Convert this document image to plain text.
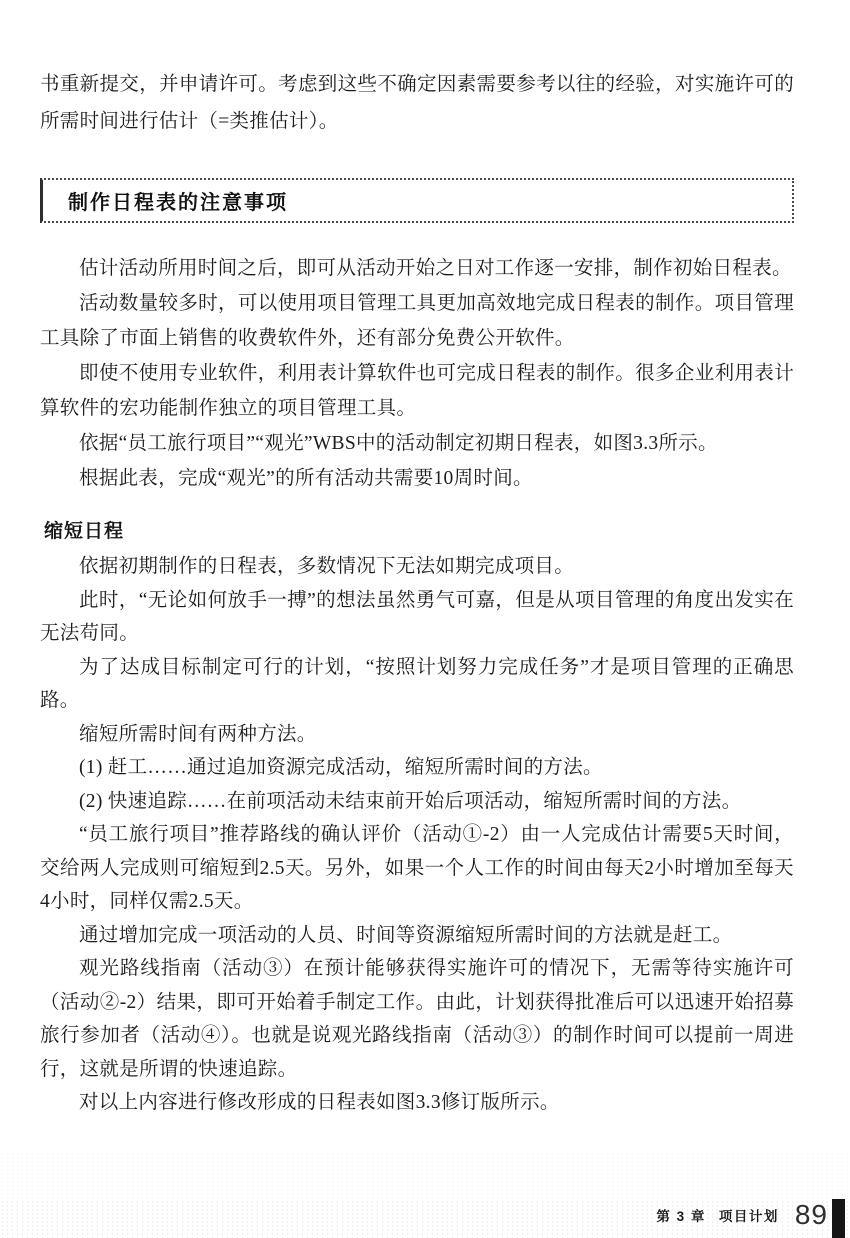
书重新提交，并申请许可。考虑到这些不确定因素需要参考以往的经验，对实施许可的所需时间进行估计（=类推估计）。

制作日程表的注意事项

估计活动所用时间之后，即可从活动开始之日对工作逐一安排，制作初始日程表。

活动数量较多时，可以使用项目管理工具更加高效地完成日程表的制作。项目管理工具除了市面上销售的收费软件外，还有部分免费公开软件。

即使不使用专业软件，利用表计算软件也可完成日程表的制作。很多企业利用表计算软件的宏功能制作独立的项目管理工具。

依据“员工旅行项目”“观光”WBS中的活动制定初期日程表，如图3.3所示。

根据此表，完成“观光”的所有活动共需要10周时间。

缩短日程

依据初期制作的日程表，多数情况下无法如期完成项目。

此时，“无论如何放手一搏”的想法虽然勇气可嘉，但是从项目管理的角度出发实在无法苟同。

为了达成目标制定可行的计划，“按照计划努力完成任务”才是项目管理的正确思路。

缩短所需时间有两种方法。

(1) 赶工……通过追加资源完成活动，缩短所需时间的方法。

(2) 快速追踪……在前项活动未结束前开始后项活动，缩短所需时间的方法。

“员工旅行项目”推荐路线的确认评价（活动①-2）由一人完成估计需要5天时间，交给两人完成则可缩短到2.5天。另外，如果一个人工作的时间由每天2小时增加至每天4小时，同样仅需2.5天。

通过增加完成一项活动的人员、时间等资源缩短所需时间的方法就是赶工。

观光路线指南（活动③）在预计能够获得实施许可的情况下，无需等待实施许可（活动②-2）结果，即可开始着手制定工作。由此，计划获得批准后可以迅速开始招募旅行参加者（活动④）。也就是说观光路线指南（活动③）的制作时间可以提前一周进行，这就是所谓的快速追踪。

对以上内容进行修改形成的日程表如图3.3修订版所示。

第 3 章 项目计划 89
